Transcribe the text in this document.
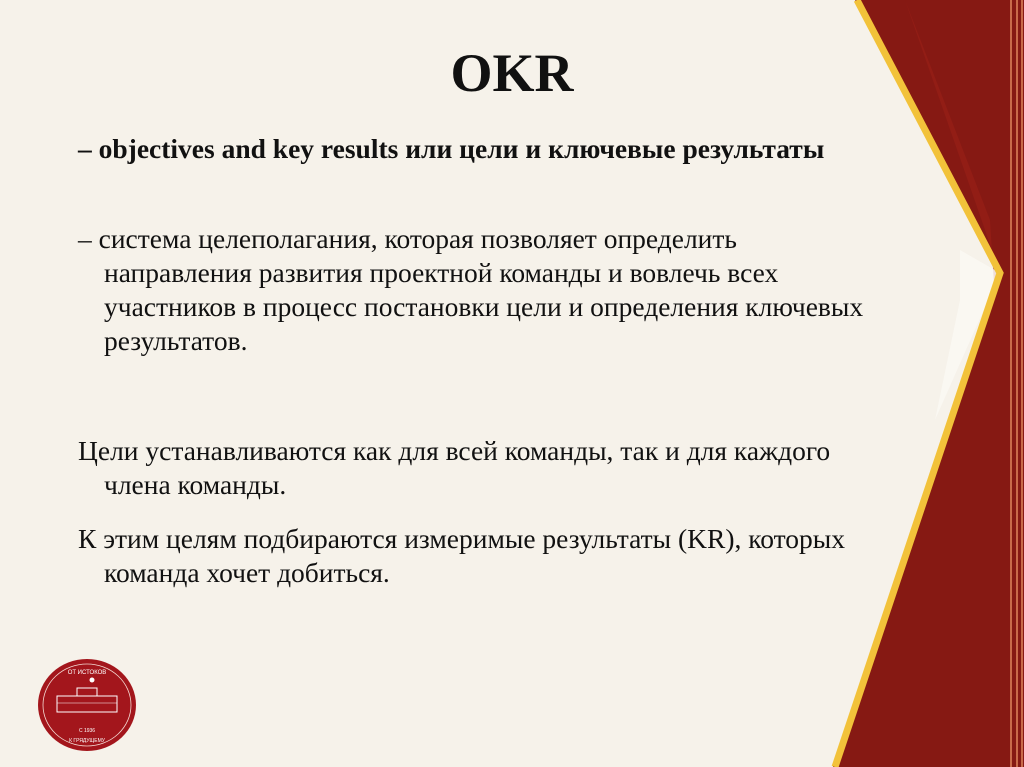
OKR
– objectives and key results или цели и ключевые результаты
– система целеполагания, которая позволяет определить направления развития проектной команды и вовлечь всех участников в процесс постановки цели и определения ключевых результатов.
Цели устанавливаются как для всей команды, так и для каждого члена команды.
К этим целям подбираются измеримые результаты (KR), которых команда хочет добиться.
ОТ ИСТОКОВ
С 1936
К ГРЯДУЩЕМУ
